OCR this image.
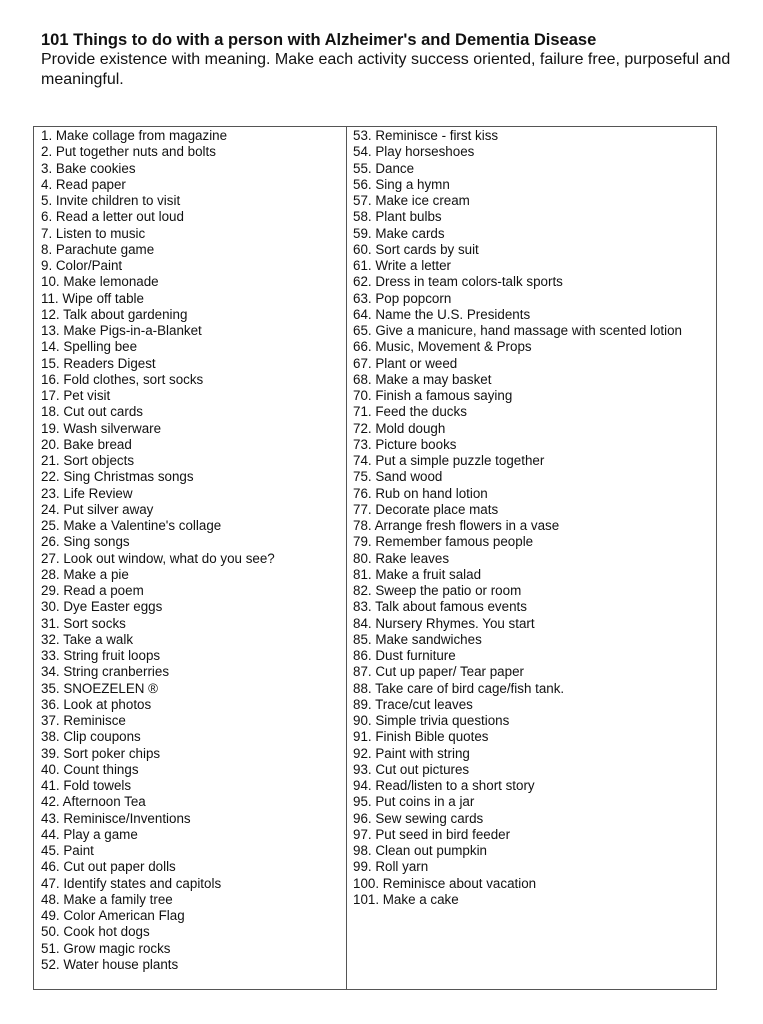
101 Things to do with a person with Alzheimer's and Dementia Disease

Provide existence with meaning. Make each activity success oriented, failure free, purposeful and meaningful.

1. Make collage from magazine
2. Put together nuts and bolts
3. Bake cookies
4. Read paper
5. Invite children to visit
6. Read a letter out loud
7. Listen to music
8. Parachute game
9. Color/Paint
10. Make lemonade
11. Wipe off table
12. Talk about gardening
13. Make Pigs-in-a-Blanket
14. Spelling bee
15. Readers Digest
16. Fold clothes, sort socks
17. Pet visit
18. Cut out cards
19. Wash silverware
20. Bake bread
21. Sort objects
22. Sing Christmas songs
23. Life Review
24. Put silver away
25. Make a Valentine's collage
26. Sing songs
27. Look out window, what do you see?
28. Make a pie
29. Read a poem
30. Dye Easter eggs
31. Sort socks
32. Take a walk
33. String fruit loops
34. String cranberries
35. SNOEZELEN ®
36. Look at photos
37. Reminisce
38. Clip coupons
39. Sort poker chips
40. Count things
41. Fold towels
42. Afternoon Tea
43. Reminisce/Inventions
44. Play a game
45. Paint
46. Cut out paper dolls
47. Identify states and capitols
48. Make a family tree
49. Color American Flag
50. Cook hot dogs
51. Grow magic rocks
52. Water house plants
53. Reminisce - first kiss
54. Play horseshoes
55. Dance
56. Sing a hymn
57. Make ice cream
58. Plant bulbs
59. Make cards
60. Sort cards by suit
61. Write a letter
62. Dress in team colors-talk sports
63. Pop popcorn
64. Name the U.S. Presidents
65. Give a manicure, hand massage with scented lotion
66. Music, Movement & Props
67. Plant or weed
68. Make a may basket
70. Finish a famous saying
71. Feed the ducks
72. Mold dough
73. Picture books
74. Put a simple puzzle together
75. Sand wood
76. Rub on hand lotion
77. Decorate place mats
78. Arrange fresh flowers in a vase
79. Remember famous people
80. Rake leaves
81. Make a fruit salad
82. Sweep the patio or room
83. Talk about famous events
84. Nursery Rhymes. You start
85. Make sandwiches
86. Dust furniture
87. Cut up paper/ Tear paper
88. Take care of bird cage/fish tank.
89. Trace/cut leaves
90. Simple trivia questions
91. Finish Bible quotes
92. Paint with string
93. Cut out pictures
94. Read/listen to a short story
95. Put coins in a jar
96. Sew sewing cards
97. Put seed in bird feeder
98. Clean out pumpkin
99. Roll yarn
100. Reminisce about vacation
101. Make a cake
